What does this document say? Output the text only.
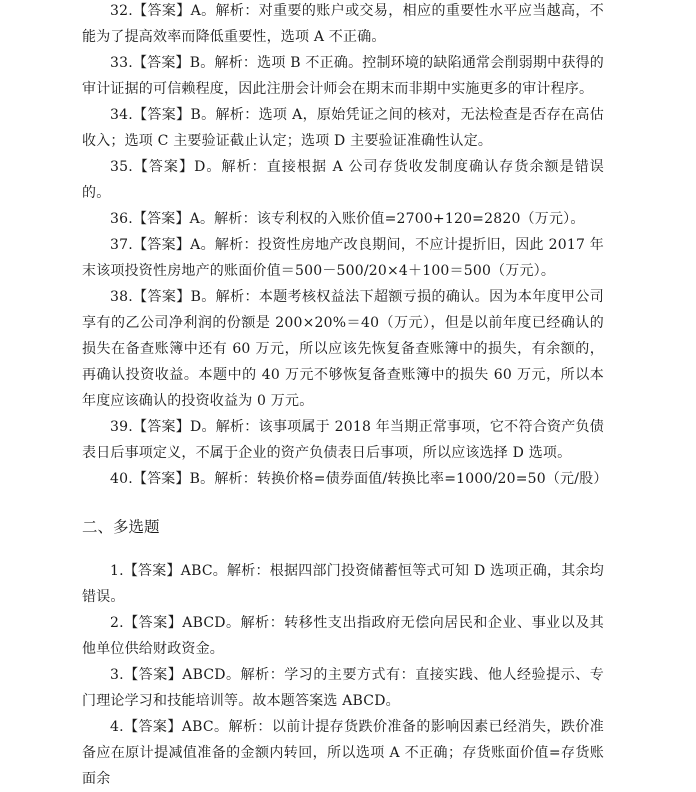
32.【答案】A。解析：对重要的账户或交易，相应的重要性水平应当越高，不能为了提高效率而降低重要性，选项 A 不正确。

33.【答案】B。解析：选项 B 不正确。控制环境的缺陷通常会削弱期中获得的审计证据的可信赖程度，因此注册会计师会在期末而非期中实施更多的审计程序。

34.【答案】B。解析：选项 A，原始凭证之间的核对，无法检查是否存在高估收入；选项 C 主要验证截止认定；选项 D 主要验证准确性认定。

35.【答案】D。解析：直接根据 A 公司存货收发制度确认存货余额是错误的。

36.【答案】A。解析：该专利权的入账价值=2700+120=2820（万元）。

37.【答案】A。解析：投资性房地产改良期间，不应计提折旧，因此 2017 年末该项投资性房地产的账面价值＝500－500/20×4＋100＝500（万元）。

38.【答案】B。解析：本题考核权益法下超额亏损的确认。因为本年度甲公司享有的乙公司净利润的份额是 200×20%＝40（万元），但是以前年度已经确认的损失在备查账簿中还有 60 万元，所以应该先恢复备查账簿中的损失，有余额的，再确认投资收益。本题中的 40 万元不够恢复备查账簿中的损失 60 万元，所以本年度应该确认的投资收益为 0 万元。

39.【答案】D。解析：该事项属于 2018 年当期正常事项，它不符合资产负债表日后事项定义，不属于企业的资产负债表日后事项，所以应该选择 D 选项。

40.【答案】B。解析：转换价格=债券面值/转换比率=1000/20=50（元/股）

二、多选题

1.【答案】ABC。解析：根据四部门投资储蓄恒等式可知 D 选项正确，其余均错误。

2.【答案】ABCD。解析：转移性支出指政府无偿向居民和企业、事业以及其他单位供给财政资金。

3.【答案】ABCD。解析：学习的主要方式有：直接实践、他人经验提示、专门理论学习和技能培训等。故本题答案选 ABCD。

4.【答案】ABC。解析：以前计提存货跌价准备的影响因素已经消失，跌价准备应在原计提减值准备的金额内转回，所以选项 A 不正确；存货账面价值=存货账面余
